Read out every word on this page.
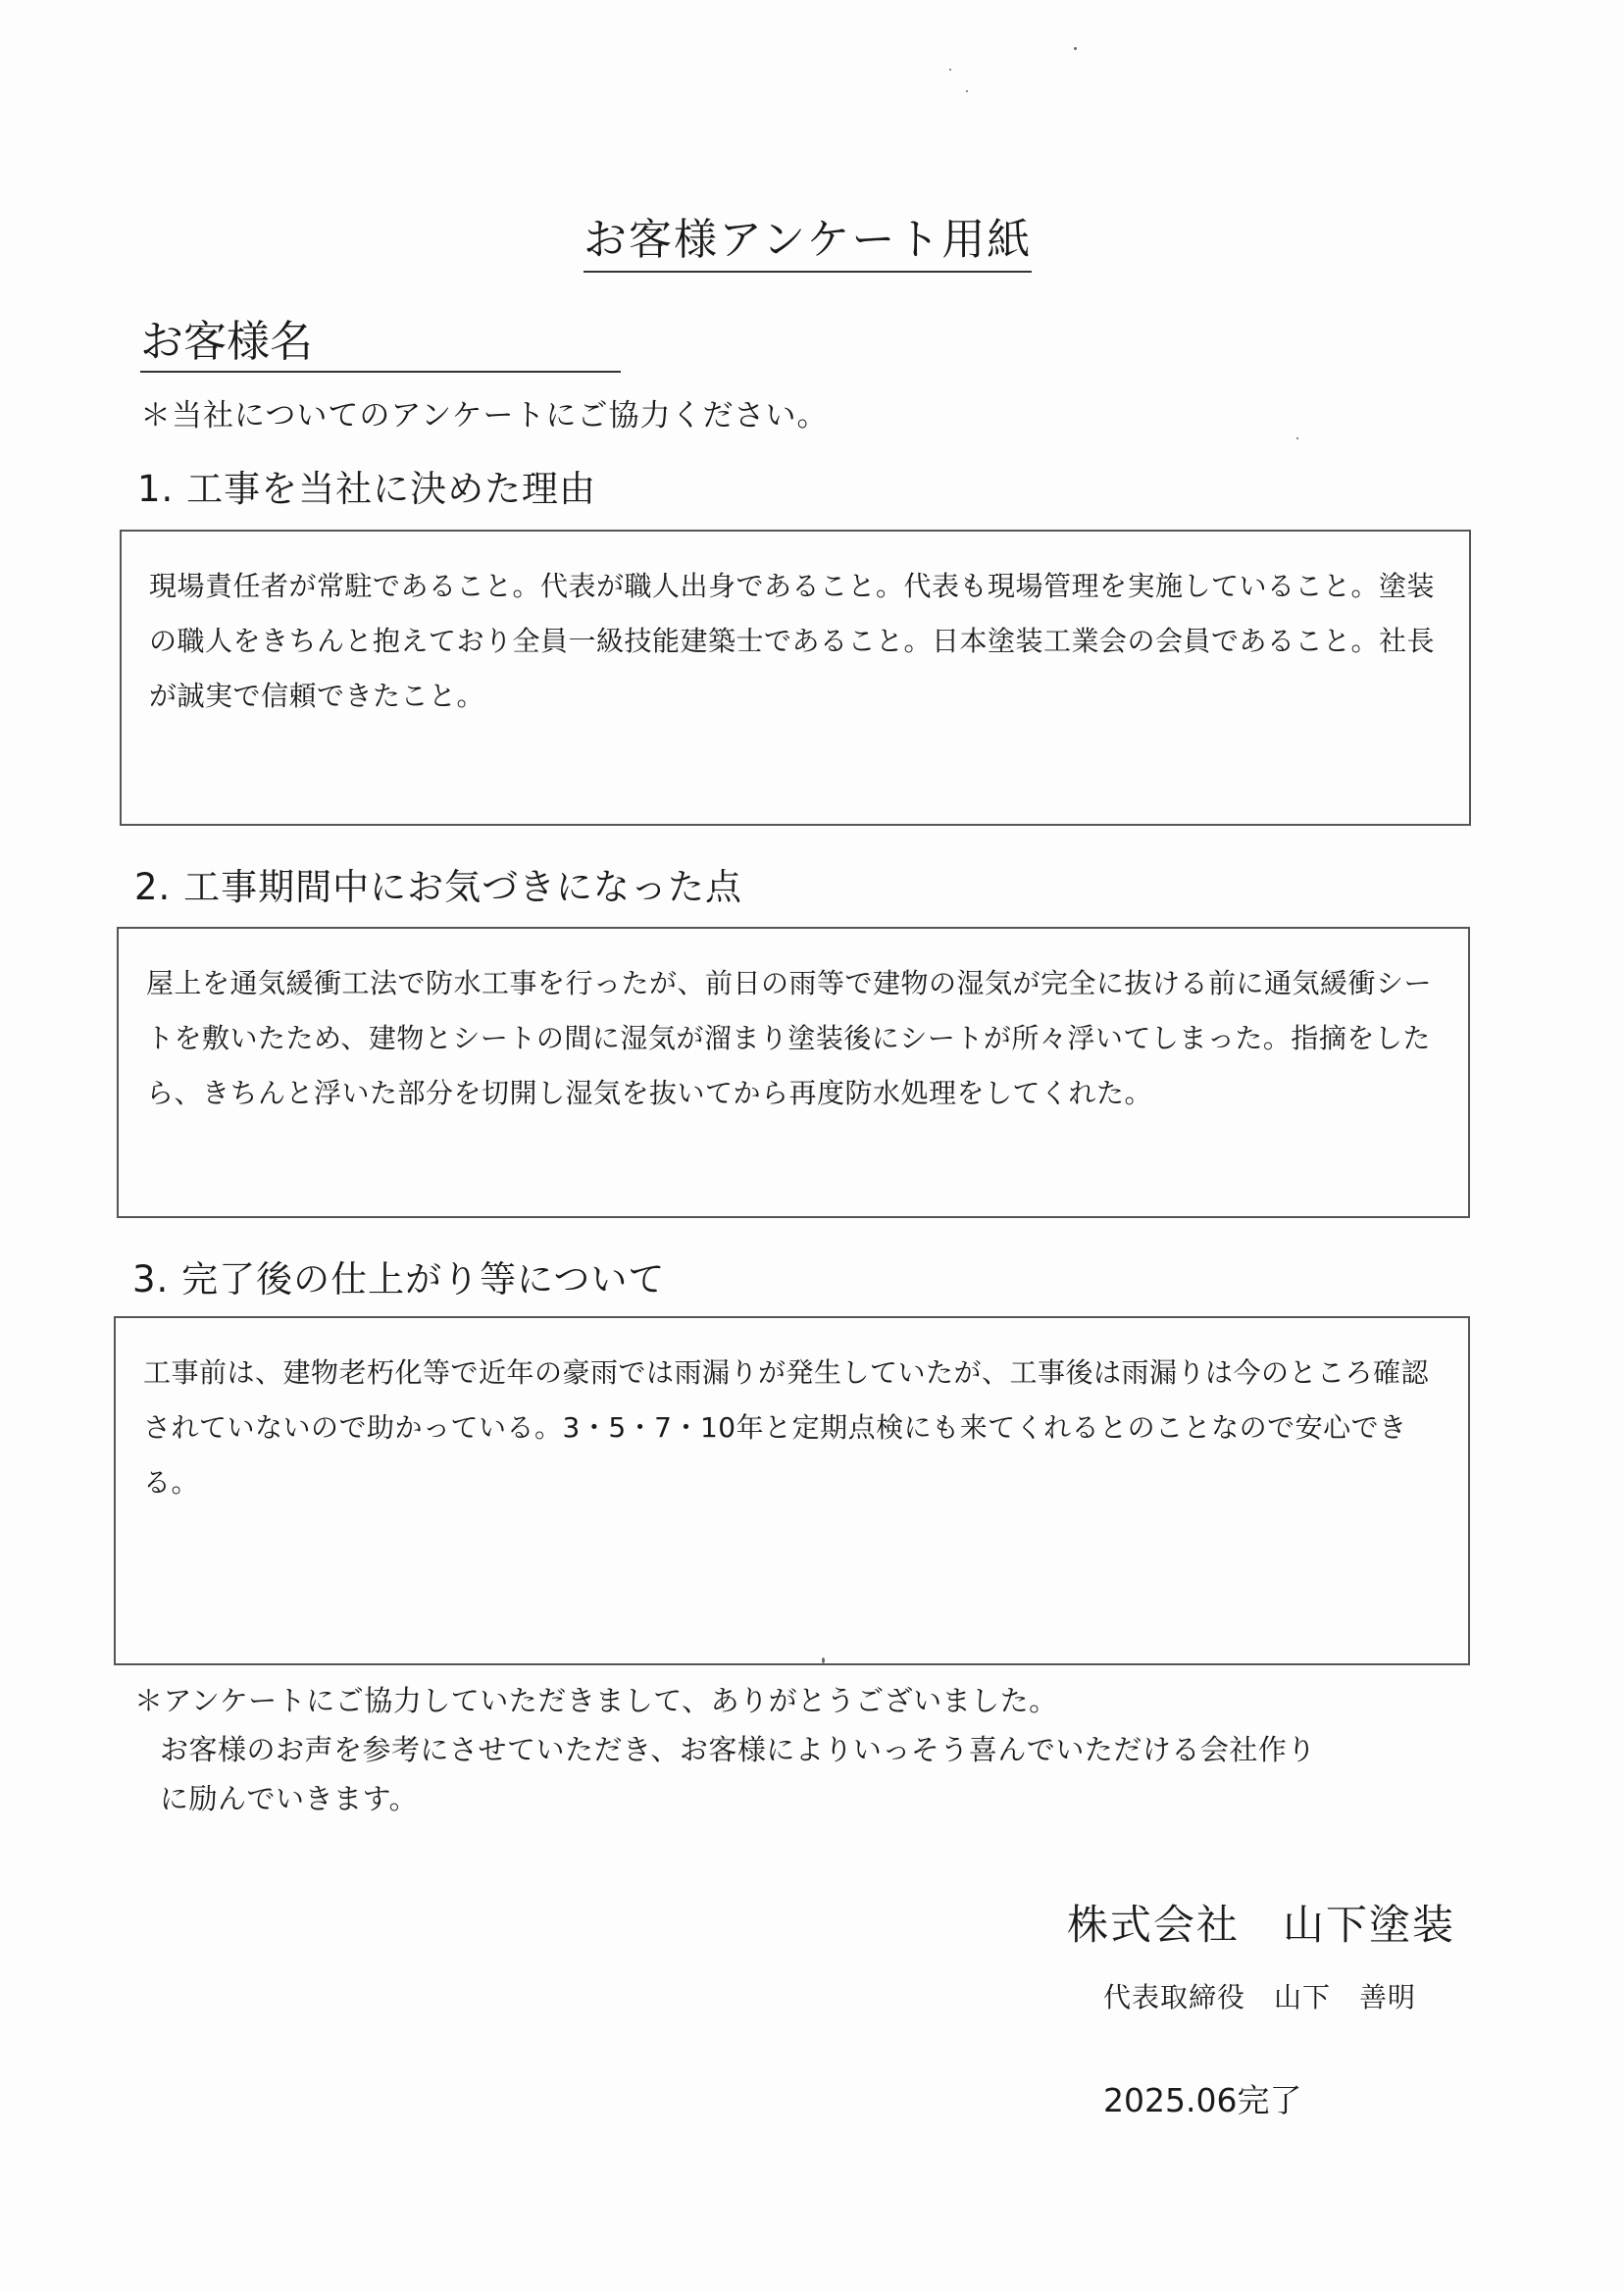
お客様アンケート用紙
お客様名
＊当社についてのアンケートにご協力ください。
1. 工事を当社に決めた理由
現場責任者が常駐であること。代表が職人出身であること。代表も現場管理を実施していること。塗装の職人をきちんと抱えており全員一級技能建築士であること。日本塗装工業会の会員であること。社長が誠実で信頼できたこと。
2. 工事期間中にお気づきになった点
屋上を通気緩衝工法で防水工事を行ったが、前日の雨等で建物の湿気が完全に抜ける前に通気緩衝シートを敷いたため、建物とシートの間に湿気が溜まり塗装後にシートが所々浮いてしまった。指摘をしたら、きちんと浮いた部分を切開し湿気を抜いてから再度防水処理をしてくれた。
3. 完了後の仕上がり等について
工事前は、建物老朽化等で近年の豪雨では雨漏りが発生していたが、工事後は雨漏りは今のところ確認されていないので助かっている。3・5・7・10年と定期点検にも来てくれるとのことなので安心できる。
＊アンケートにご協力していただきまして、ありがとうございました。
お客様のお声を参考にさせていただき、お客様によりいっそう喜んでいただける会社作り
に励んでいきます。
株式会社　山下塗装
代表取締役　山下　善明
2025.06完了
